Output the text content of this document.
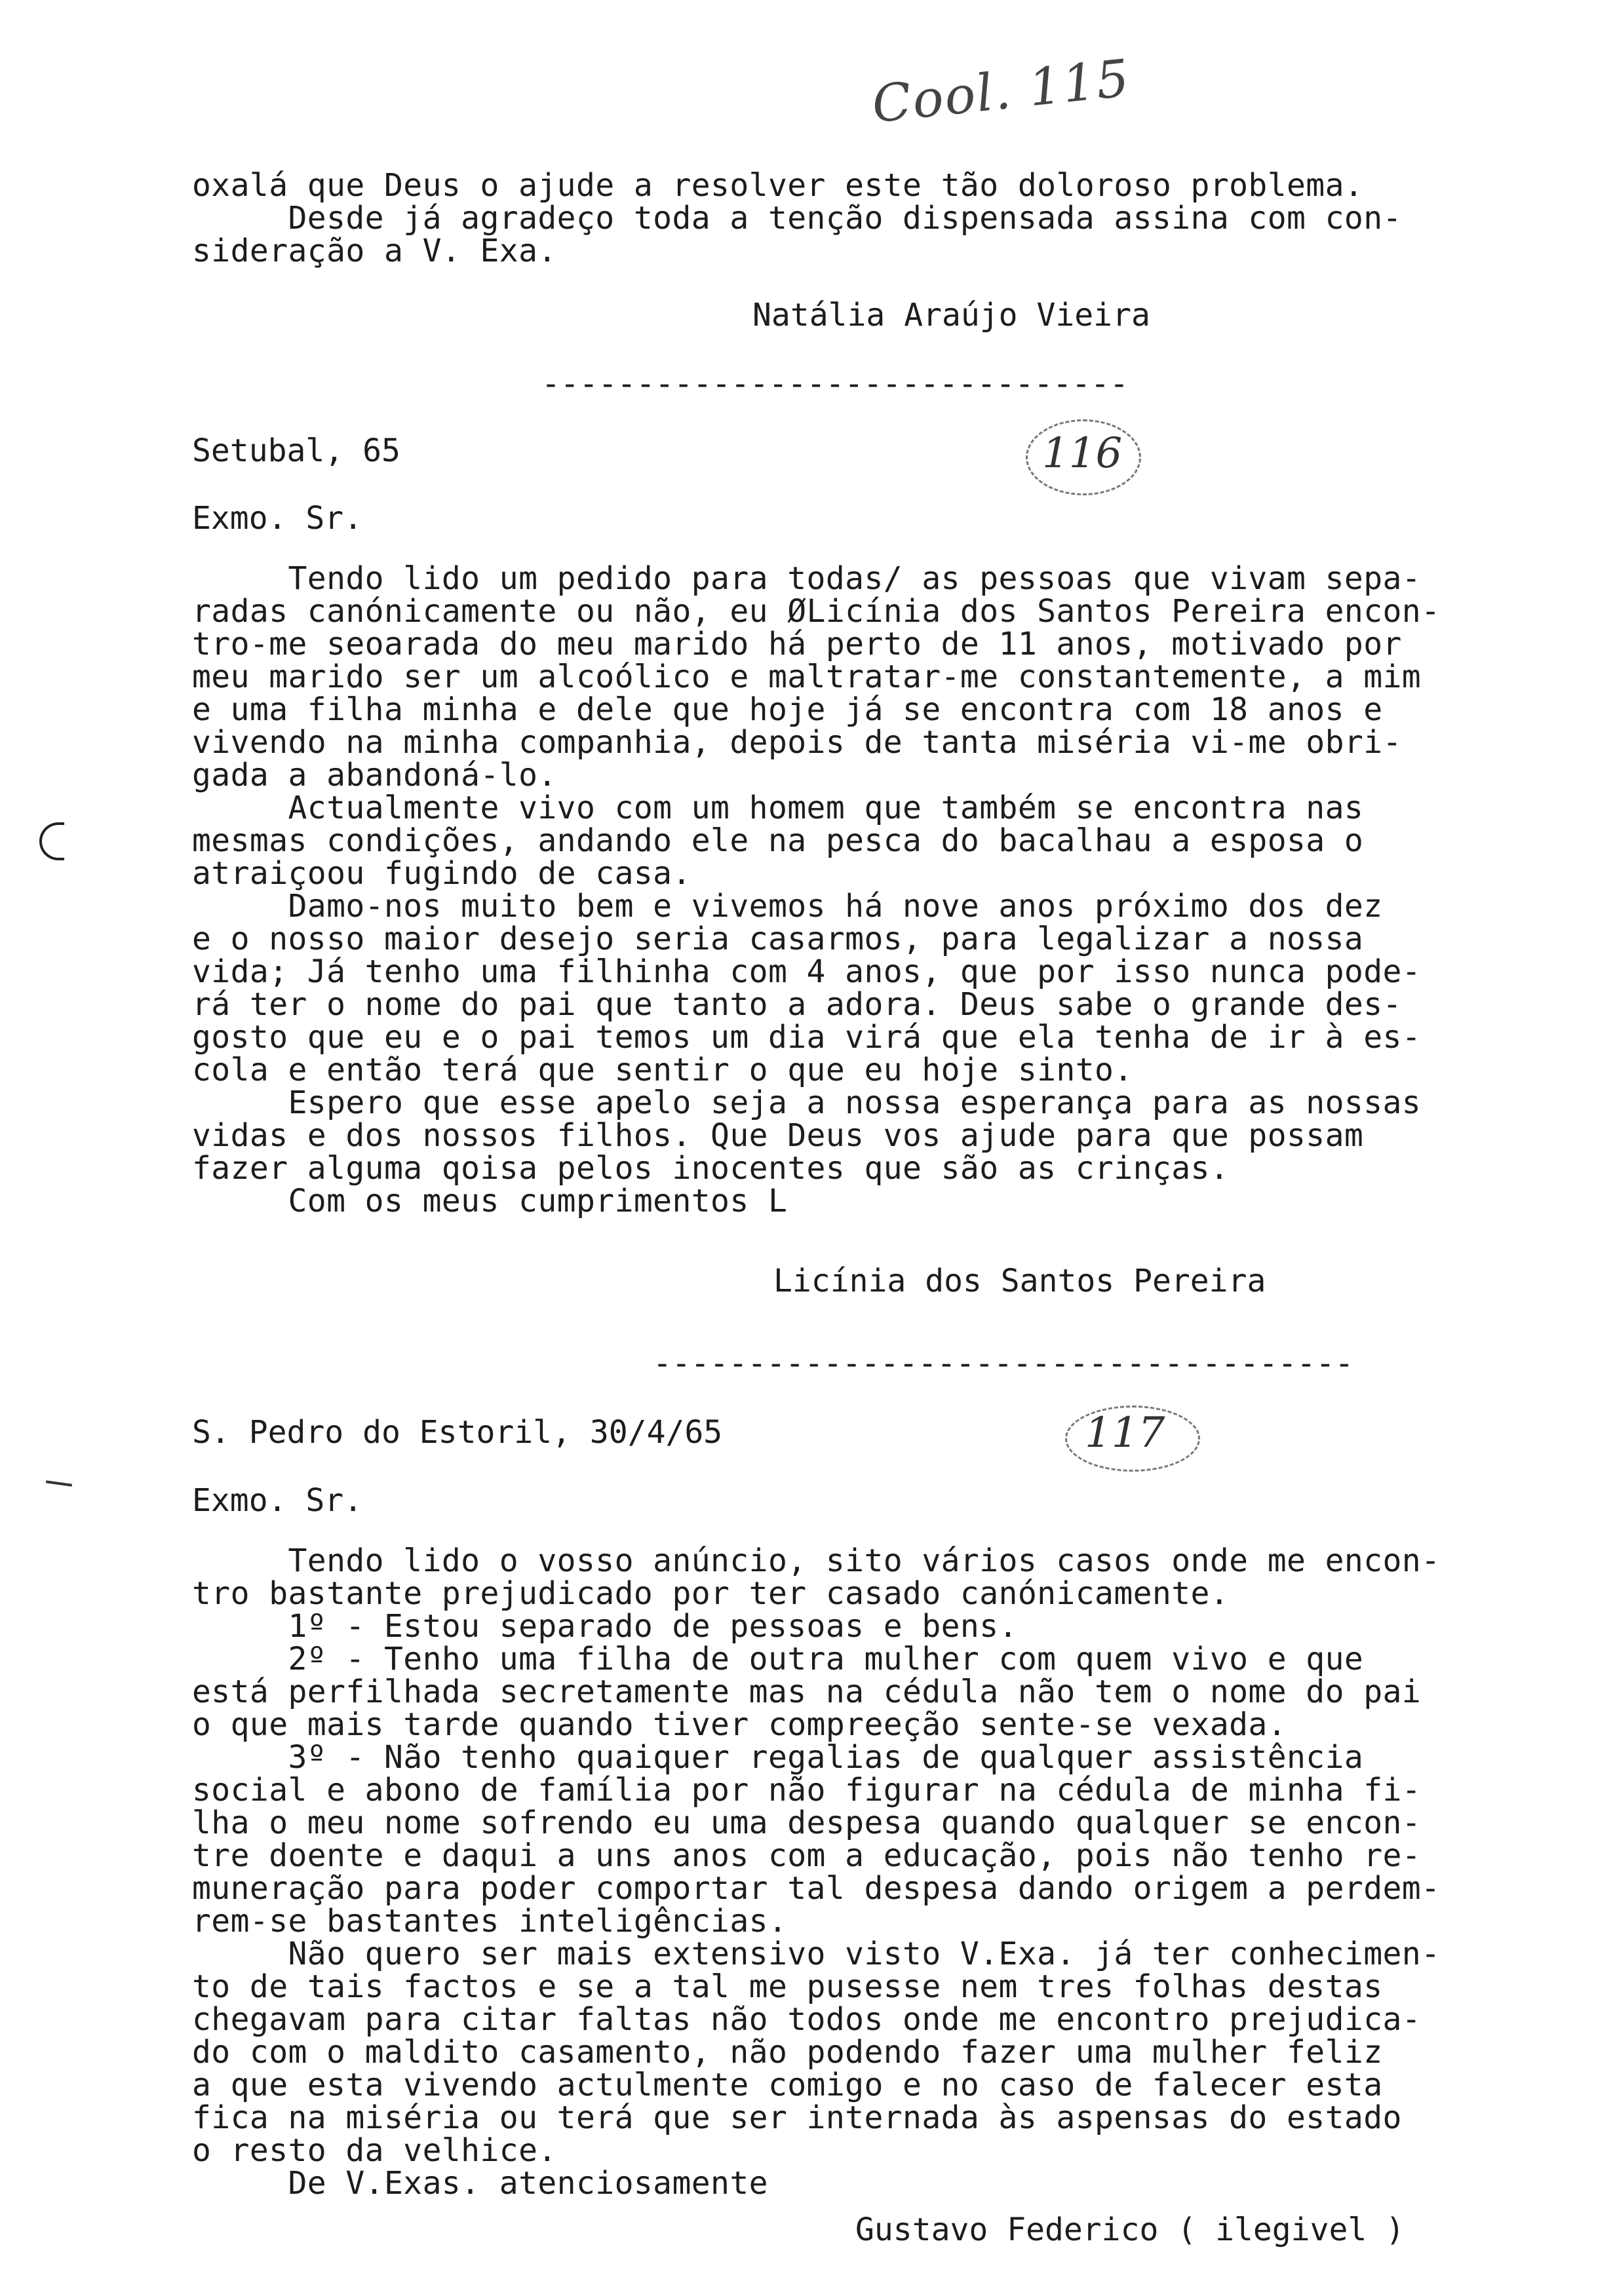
Cool. 115
oxalá que Deus o ajude a resolver este tão doloroso problema.
Desde já agradeço toda a tenção dispensada assina com con-
sideração a V. Exa.
Natália Araújo Vieira
-------------------------------
Setubal, 65	116
Exmo. Sr.
Tendo lido um pedido para todas/ as pessoas que vivam sepa-
radas canónicamente ou não, eu ØLicínia dos Santos Pereira encon-
tro-me seoarada do meu marido há perto de 11 anos, motivado por
meu marido ser um alcoólico e maltratar-me constantemente, a mim
e uma filha minha e dele que hoje já se encontra com 18 anos e
vivendo na minha companhia, depois de tanta miséria vi-me obri-
gada a abandoná-lo.
Actualmente vivo com um homem que também se encontra nas
mesmas condições, andando ele na pesca do bacalhau a esposa o
atraiçoou fugindo de casa.
Damo-nos muito bem e vivemos há nove anos próximo dos dez
e o nosso maior desejo seria casarmos, para legalizar a nossa
vida; Já tenho uma filhinha com 4 anos, que por isso nunca pode-
rá ter o nome do pai que tanto a adora. Deus sabe o grande des-
gosto que eu e o pai temos um dia virá que ela tenha de ir à es-
cola e então terá que sentir o que eu hoje sinto.
Espero que esse apelo seja a nossa esperança para as nossas
vidas e dos nossos filhos. Que Deus vos ajude para que possam
fazer alguma qoisa pelos inocentes que são as crinças.
Com os meus cumprimentos L
Licínia dos Santos Pereira
-------------------------------------
S. Pedro do Estoril, 30/4/65	117
Exmo. Sr.
Tendo lido o vosso anúncio, sito vários casos onde me encon-
tro bastante prejudicado por ter casado canónicamente.
1º - Estou separado de pessoas e bens.
2º - Tenho uma filha de outra mulher com quem vivo e que
está perfilhada secretamente mas na cédula não tem o nome do pai
o que mais tarde quando tiver compreeção sente-se vexada.
3º - Não tenho quaiquer regalias de qualquer assistência
social e abono de família por não figurar na cédula de minha fi-
lha o meu nome sofrendo eu uma despesa quando qualquer se encon-
tre doente e daqui a uns anos com a educação, pois não tenho re-
muneração para poder comportar tal despesa dando origem a perdem-
rem-se bastantes inteligências.
Não quero ser mais extensivo visto V.Exa. já ter conhecimen-
to de tais factos e se a tal me pusesse nem tres folhas destas
chegavam para citar faltas não todos onde me encontro prejudica-
do com o maldito casamento, não podendo fazer uma mulher feliz
a que esta vivendo actulmente comigo e no caso de falecer esta
fica na miséria ou terá que ser internada às aspensas do estado
o resto da velhice.
De V.Exas. atenciosamente
Gustavo Federico ( ilegivel )
